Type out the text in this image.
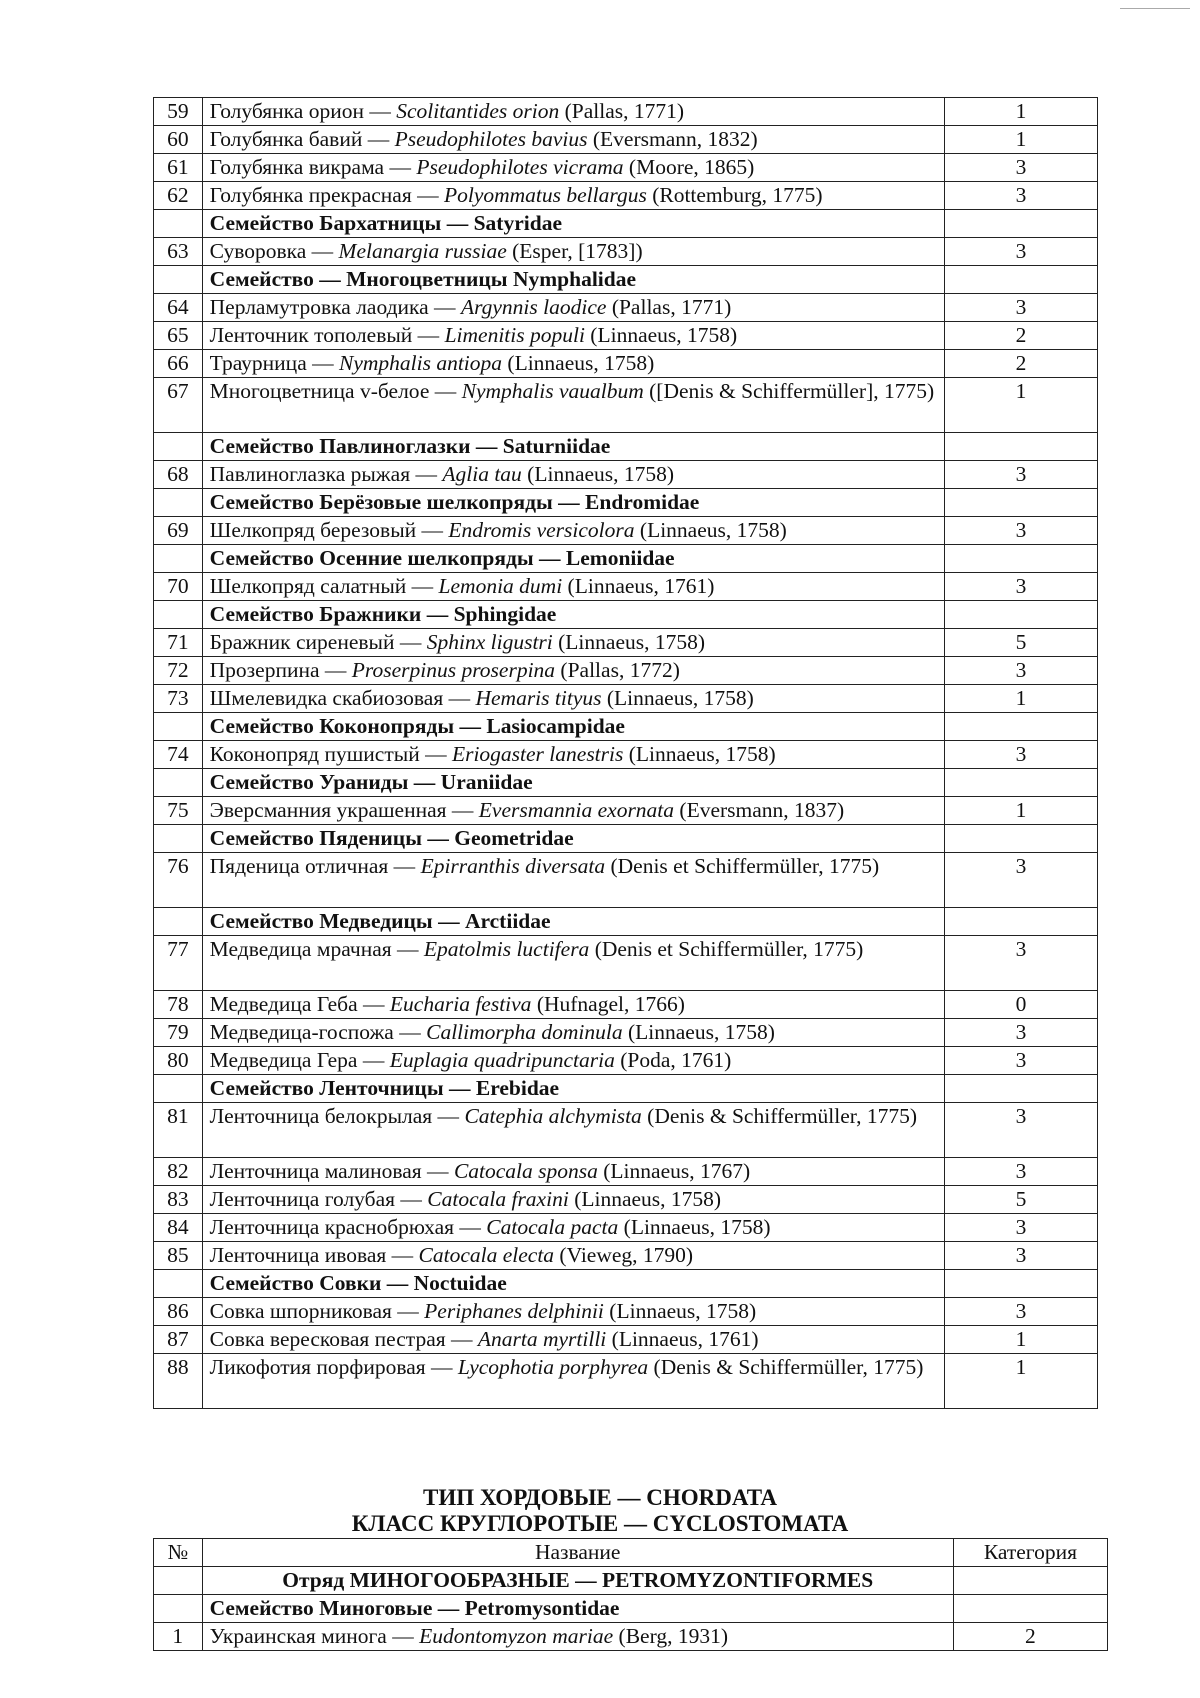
59	Голубянка орион — Scolitantides orion (Pallas, 1771)	1
60	Голубянка бавий — Pseudophilotes bavius (Eversmann, 1832)	1
61	Голубянка викрама — Pseudophilotes vicrama (Moore, 1865)	3
62	Голубянка прекрасная — Polyommatus bellargus (Rottemburg, 1775)	3
	Семейство Бархатницы — Satyridae	
63	Суворовка — Melanargia russiae (Esper, [1783])	3
	Семейство — Многоцветницы Nymphalidae	
64	Перламутровка лаодика — Argynnis laodice (Pallas, 1771)	3
65	Ленточник тополевый — Limenitis populi (Linnaeus, 1758)	2
66	Траурница — Nymphalis antiopa (Linnaeus, 1758)	2
67	Многоцветница v-белое — Nymphalis vaualbum ([Denis & Schiffermüller], 1775)	1
	Семейство Павлиноглазки — Saturniidae	
68	Павлиноглазка рыжая — Aglia tau (Linnaeus, 1758)	3
	Семейство Берёзовые шелкопряды — Endromidae	
69	Шелкопряд березовый — Endromis versicolora (Linnaeus, 1758)	3
	Семейство Осенние шелкопряды — Lemoniidae	
70	Шелкопряд салатный — Lemonia dumi (Linnaeus, 1761)	3
	Семейство Бражники — Sphingidae	
71	Бражник сиреневый — Sphinx ligustri (Linnaeus, 1758)	5
72	Прозерпина — Proserpinus proserpina (Pallas, 1772)	3
73	Шмелевидка скабиозовая — Hemaris tityus (Linnaeus, 1758)	1
	Семейство Коконопряды — Lasiocampidae	
74	Коконопряд пушистый — Eriogaster lanestris (Linnaeus, 1758)	3
	Семейство Ураниды — Uraniidae	
75	Эверсманния украшенная — Eversmannia exornata (Eversmann, 1837)	1
	Семейство Пяденицы — Geometridae	
76	Пяденица отличная — Epirranthis diversata (Denis et Schiffermüller, 1775)	3
	Семейство Медведицы — Arctiidae	
77	Медведица мрачная — Epatolmis luctifera (Denis et Schiffermüller, 1775)	3
78	Медведица Геба — Eucharia festiva (Hufnagel, 1766)	0
79	Медведица-госпожа — Callimorpha dominula (Linnaeus, 1758)	3
80	Медведица Гера — Euplagia quadripunctaria (Poda, 1761)	3
	Семейство Ленточницы — Erebidae	
81	Ленточница белокрылая — Catephia alchymista (Denis & Schiffermüller, 1775)	3
82	Ленточница малиновая — Catocala sponsa (Linnaeus, 1767)	3
83	Ленточница голубая — Catocala fraxini (Linnaeus, 1758)	5
84	Ленточница краснобрюхая — Catocala pacta (Linnaeus, 1758)	3
85	Ленточница ивовая — Catocala electa (Vieweg, 1790)	3
	Семейство Совки — Noctuidae	
86	Совка шпорниковая — Periphanes delphinii (Linnaeus, 1758)	3
87	Совка вересковая пестрая — Anarta myrtilli (Linnaeus, 1761)	1
88	Ликофотия порфировая — Lycophotia porphyrea (Denis & Schiffermüller, 1775)	1
ТИП ХОРДОВЫЕ — CHORDATA
КЛАСС КРУГЛОРОТЫЕ — CYCLOSTOMATA
№	Название	Категория
	Отряд МИНОГООБРАЗНЫЕ — PETROMYZONTIFORMES	
	Семейство Миноговые — Petromysontidae	
1	Украинская минога — Eudontomyzon mariae (Berg, 1931)	2
